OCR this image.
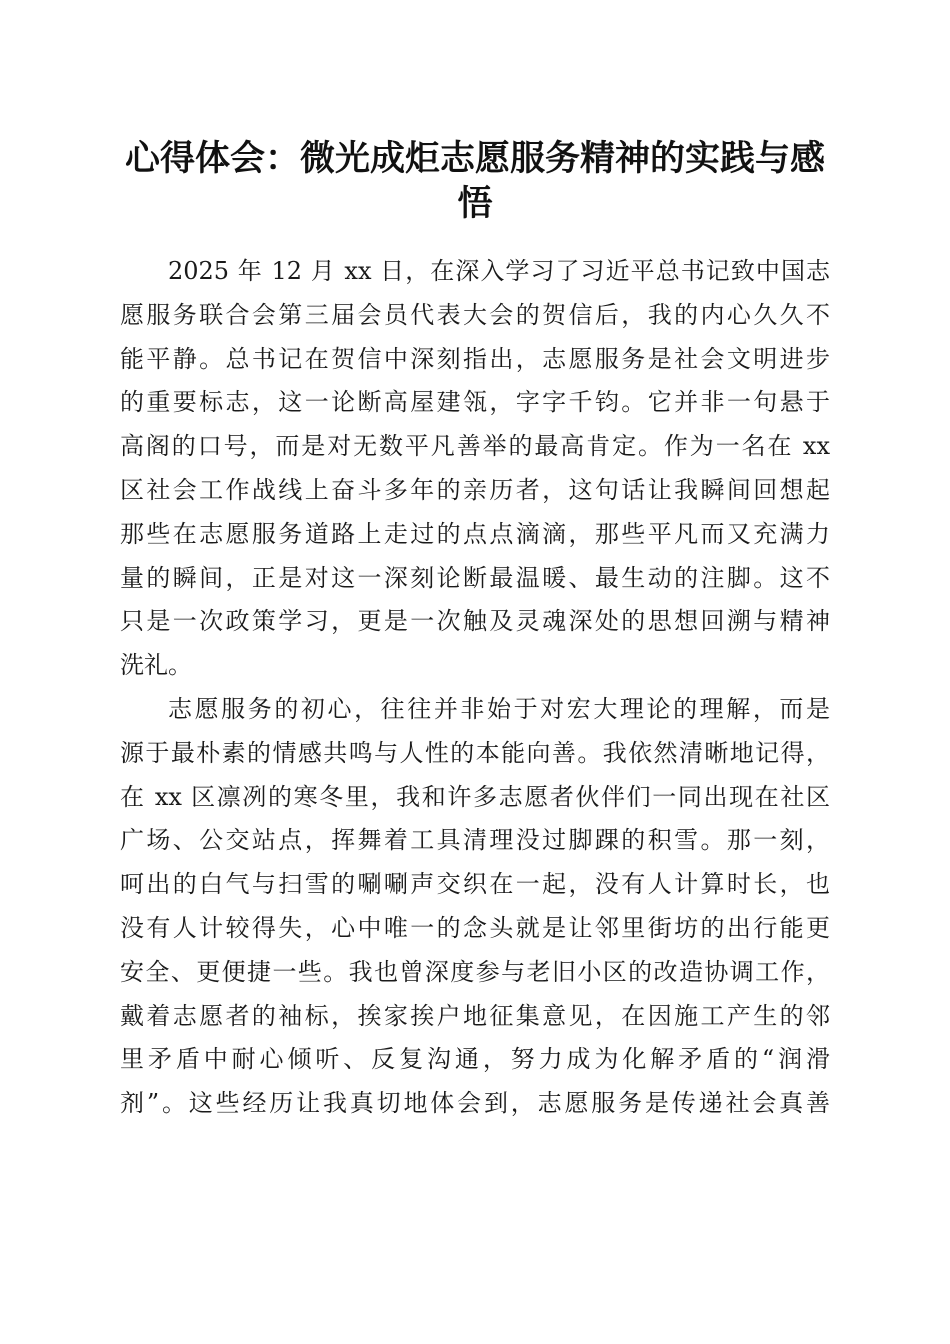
心得体会：微光成炬志愿服务精神的实践与感悟

2025 年 12 月 xx 日，在深入学习了习近平总书记致中国志
愿服务联合会第三届会员代表大会的贺信后，我的内心久久不
能平静。总书记在贺信中深刻指出，志愿服务是社会文明进步
的重要标志，这一论断高屋建瓴，字字千钧。它并非一句悬于
高阁的口号，而是对无数平凡善举的最高肯定。作为一名在 xx
区社会工作战线上奋斗多年的亲历者，这句话让我瞬间回想起
那些在志愿服务道路上走过的点点滴滴，那些平凡而又充满力
量的瞬间，正是对这一深刻论断最温暖、最生动的注脚。这不
只是一次政策学习，更是一次触及灵魂深处的思想回溯与精神
洗礼。

志愿服务的初心，往往并非始于对宏大理论的理解，而是
源于最朴素的情感共鸣与人性的本能向善。我依然清晰地记得，
在 xx 区凛冽的寒冬里，我和许多志愿者伙伴们一同出现在社区
广场、公交站点，挥舞着工具清理没过脚踝的积雪。那一刻，
呵出的白气与扫雪的唰唰声交织在一起，没有人计算时长，也
没有人计较得失，心中唯一的念头就是让邻里街坊的出行能更
安全、更便捷一些。我也曾深度参与老旧小区的改造协调工作，
戴着志愿者的袖标，挨家挨户地征集意见，在因施工产生的邻
里矛盾中耐心倾听、反复沟通，努力成为化解矛盾的“润滑
剂”。这些经历让我真切地体会到，志愿服务是传递社会真善
